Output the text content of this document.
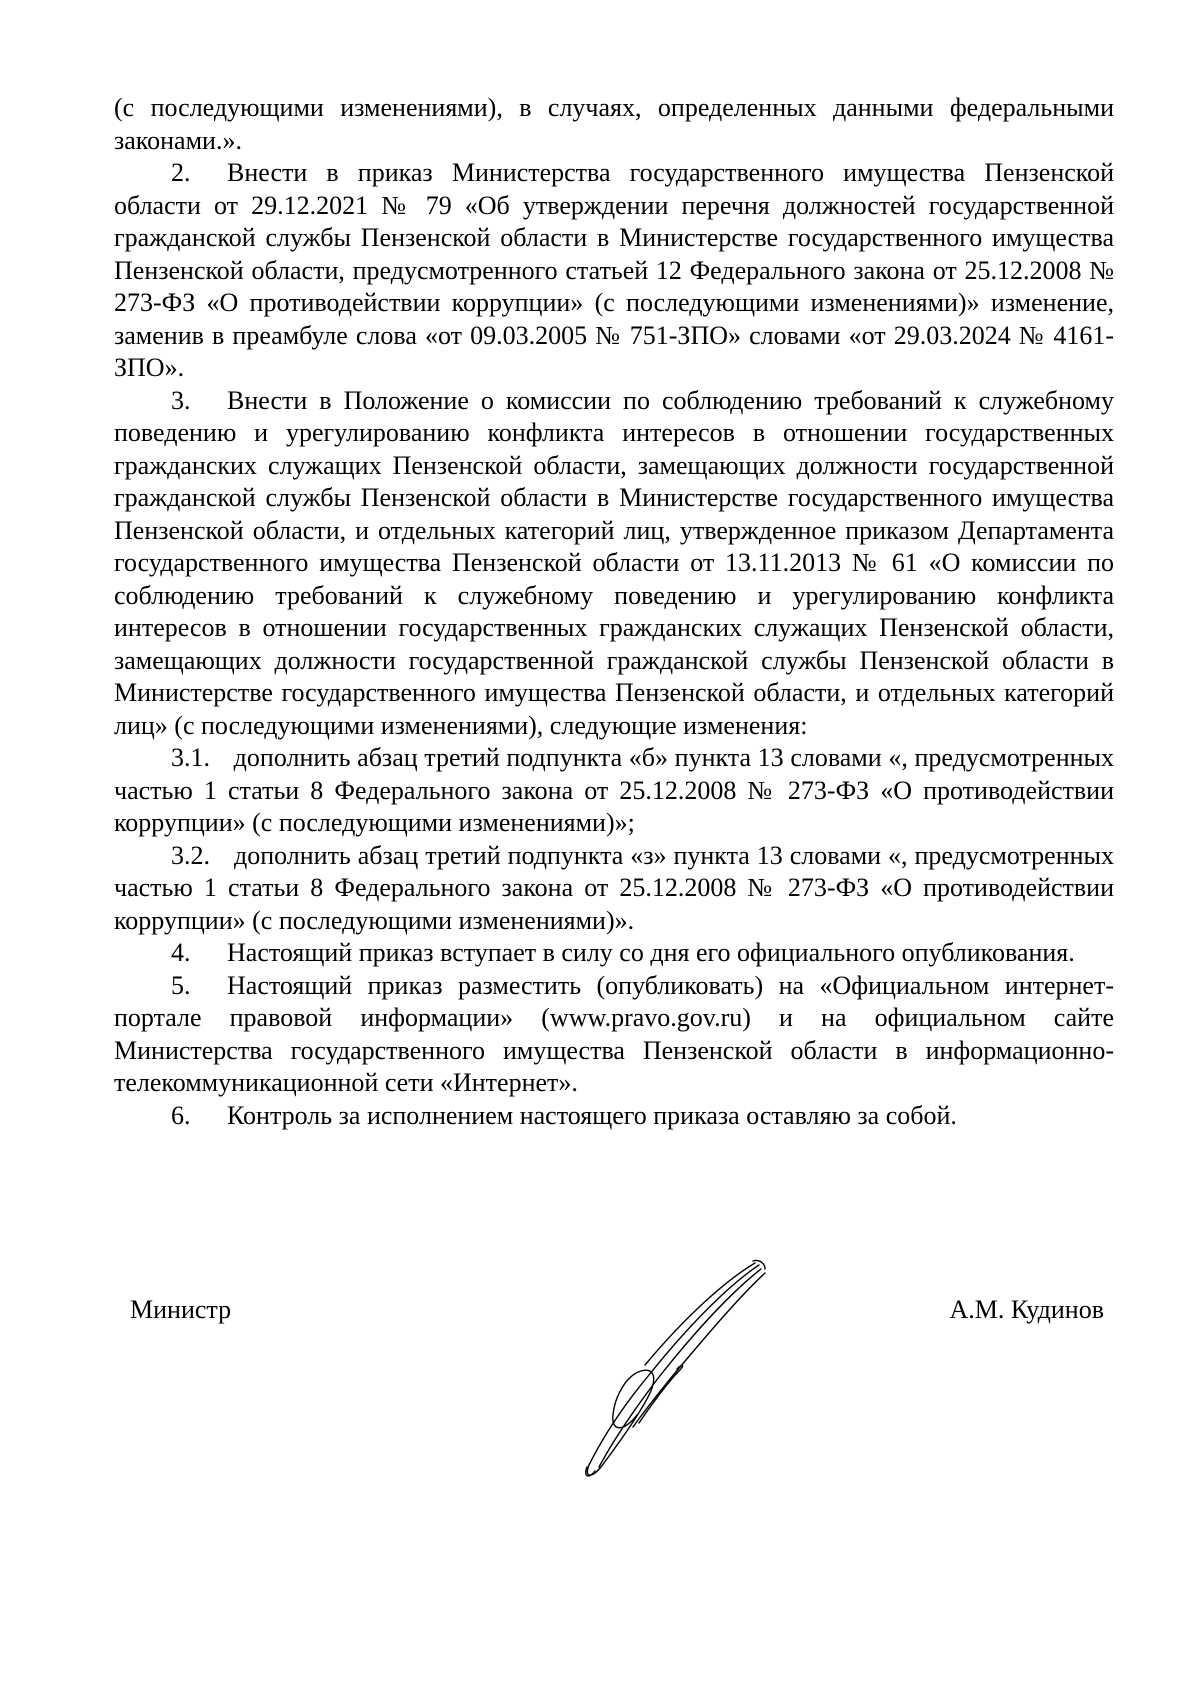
(с последующими изменениями), в случаях, определенных данными федеральными законами.».

2. Внести в приказ Министерства государственного имущества Пензенской области от 29.12.2021 № 79 «Об утверждении перечня должностей государственной гражданской службы Пензенской области в Министерстве государственного имущества Пензенской области, предусмотренного статьей 12 Федерального закона от 25.12.2008 № 273-ФЗ «О противодействии коррупции» (с последующими изменениями)» изменение, заменив в преамбуле слова «от 09.03.2005 № 751-ЗПО» словами «от 29.03.2024 № 4161-ЗПО».

3. Внести в Положение о комиссии по соблюдению требований к служебному поведению и урегулированию конфликта интересов в отношении государственных гражданских служащих Пензенской области, замещающих должности государственной гражданской службы Пензенской области в Министерстве государственного имущества Пензенской области, и отдельных категорий лиц, утвержденное приказом Департамента государственного имущества Пензенской области от 13.11.2013 № 61 «О комиссии по соблюдению требований к служебному поведению и урегулированию конфликта интересов в отношении государственных гражданских служащих Пензенской области, замещающих должности государственной гражданской службы Пензенской области в Министерстве государственного имущества Пензенской области, и отдельных категорий лиц» (с последующими изменениями), следующие изменения:

3.1. дополнить абзац третий подпункта «б» пункта 13 словами «, предусмотренных частью 1 статьи 8 Федерального закона от 25.12.2008 № 273-ФЗ «О противодействии коррупции» (с последующими изменениями)»;

3.2. дополнить абзац третий подпункта «з» пункта 13 словами «, предусмотренных частью 1 статьи 8 Федерального закона от 25.12.2008 № 273-ФЗ «О противодействии коррупции» (с последующими изменениями)».

4. Настоящий приказ вступает в силу со дня его официального опубликования.

5. Настоящий приказ разместить (опубликовать) на «Официальном интернет-портале правовой информации» (www.pravo.gov.ru) и на официальном сайте Министерства государственного имущества Пензенской области в информационно-телекоммуникационной сети «Интернет».

6. Контроль за исполнением настоящего приказа оставляю за собой.

Министр	А.М. Кудинов
